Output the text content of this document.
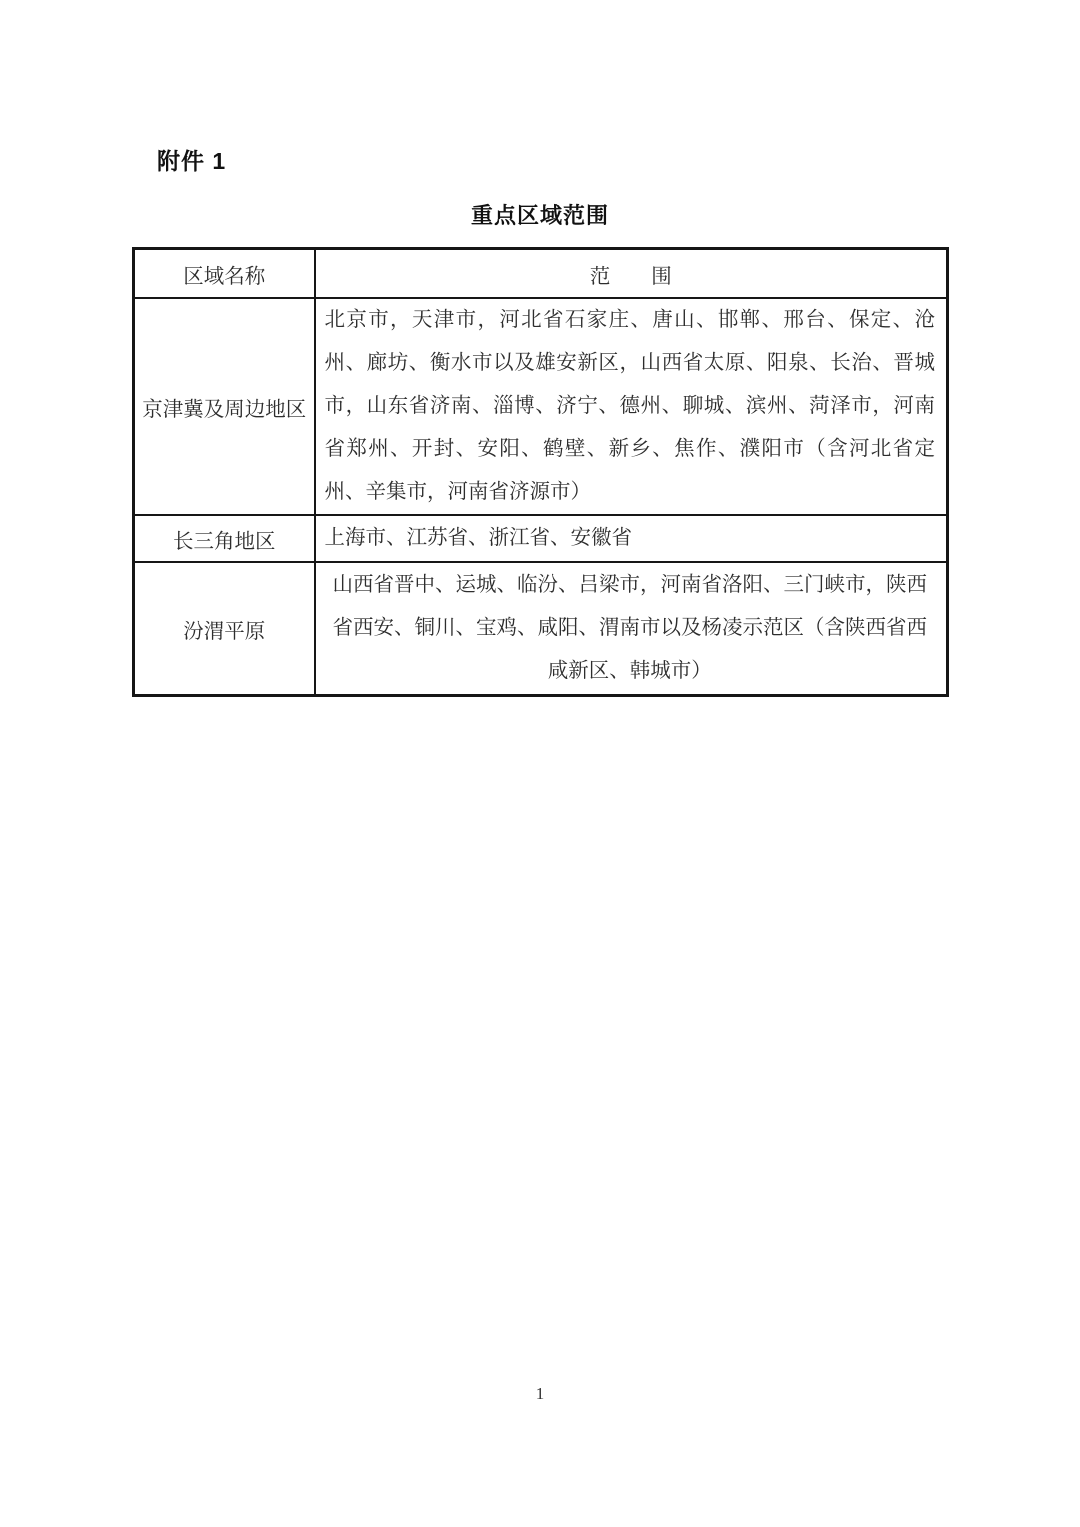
附件 1
重点区域范围
区域名称	范　　围
京津冀及周边地区	北京市，天津市，河北省石家庄、唐山、邯郸、邢台、保定、沧州、廊坊、衡水市以及雄安新区，山西省太原、阳泉、长治、晋城市，山东省济南、淄博、济宁、德州、聊城、滨州、菏泽市，河南省郑州、开封、安阳、鹤壁、新乡、焦作、濮阳市（含河北省定州、辛集市，河南省济源市）
长三角地区	上海市、江苏省、浙江省、安徽省
汾渭平原	山西省晋中、运城、临汾、吕梁市，河南省洛阳、三门峡市，陕西省西安、铜川、宝鸡、咸阳、渭南市以及杨凌示范区（含陕西省西咸新区、韩城市）
1
